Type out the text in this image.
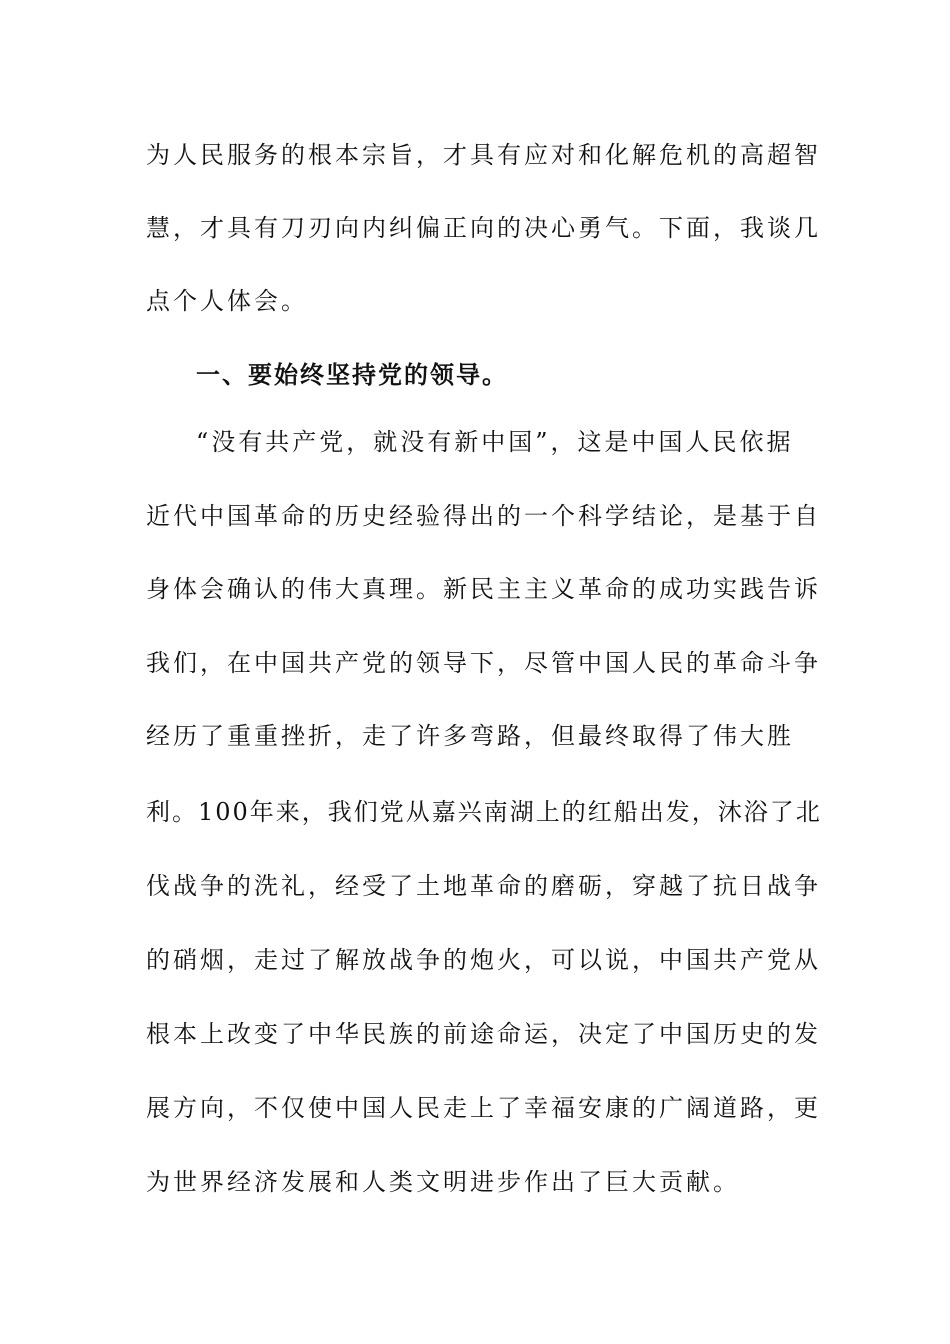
为人民服务的根本宗旨，才具有应对和化解危机的高超智
慧，才具有刀刃向内纠偏正向的决心勇气。下面，我谈几
点个人体会。
一、要始终坚持党的领导。
“没有共产党，就没有新中国”，这是中国人民依据
近代中国革命的历史经验得出的一个科学结论，是基于自
身体会确认的伟大真理。新民主主义革命的成功实践告诉
我们，在中国共产党的领导下，尽管中国人民的革命斗争
经历了重重挫折，走了许多弯路，但最终取得了伟大胜
利。100年来，我们党从嘉兴南湖上的红船出发，沐浴了北
伐战争的洗礼，经受了土地革命的磨砺，穿越了抗日战争
的硝烟，走过了解放战争的炮火，可以说，中国共产党从
根本上改变了中华民族的前途命运，决定了中国历史的发
展方向，不仅使中国人民走上了幸福安康的广阔道路，更
为世界经济发展和人类文明进步作出了巨大贡献。
